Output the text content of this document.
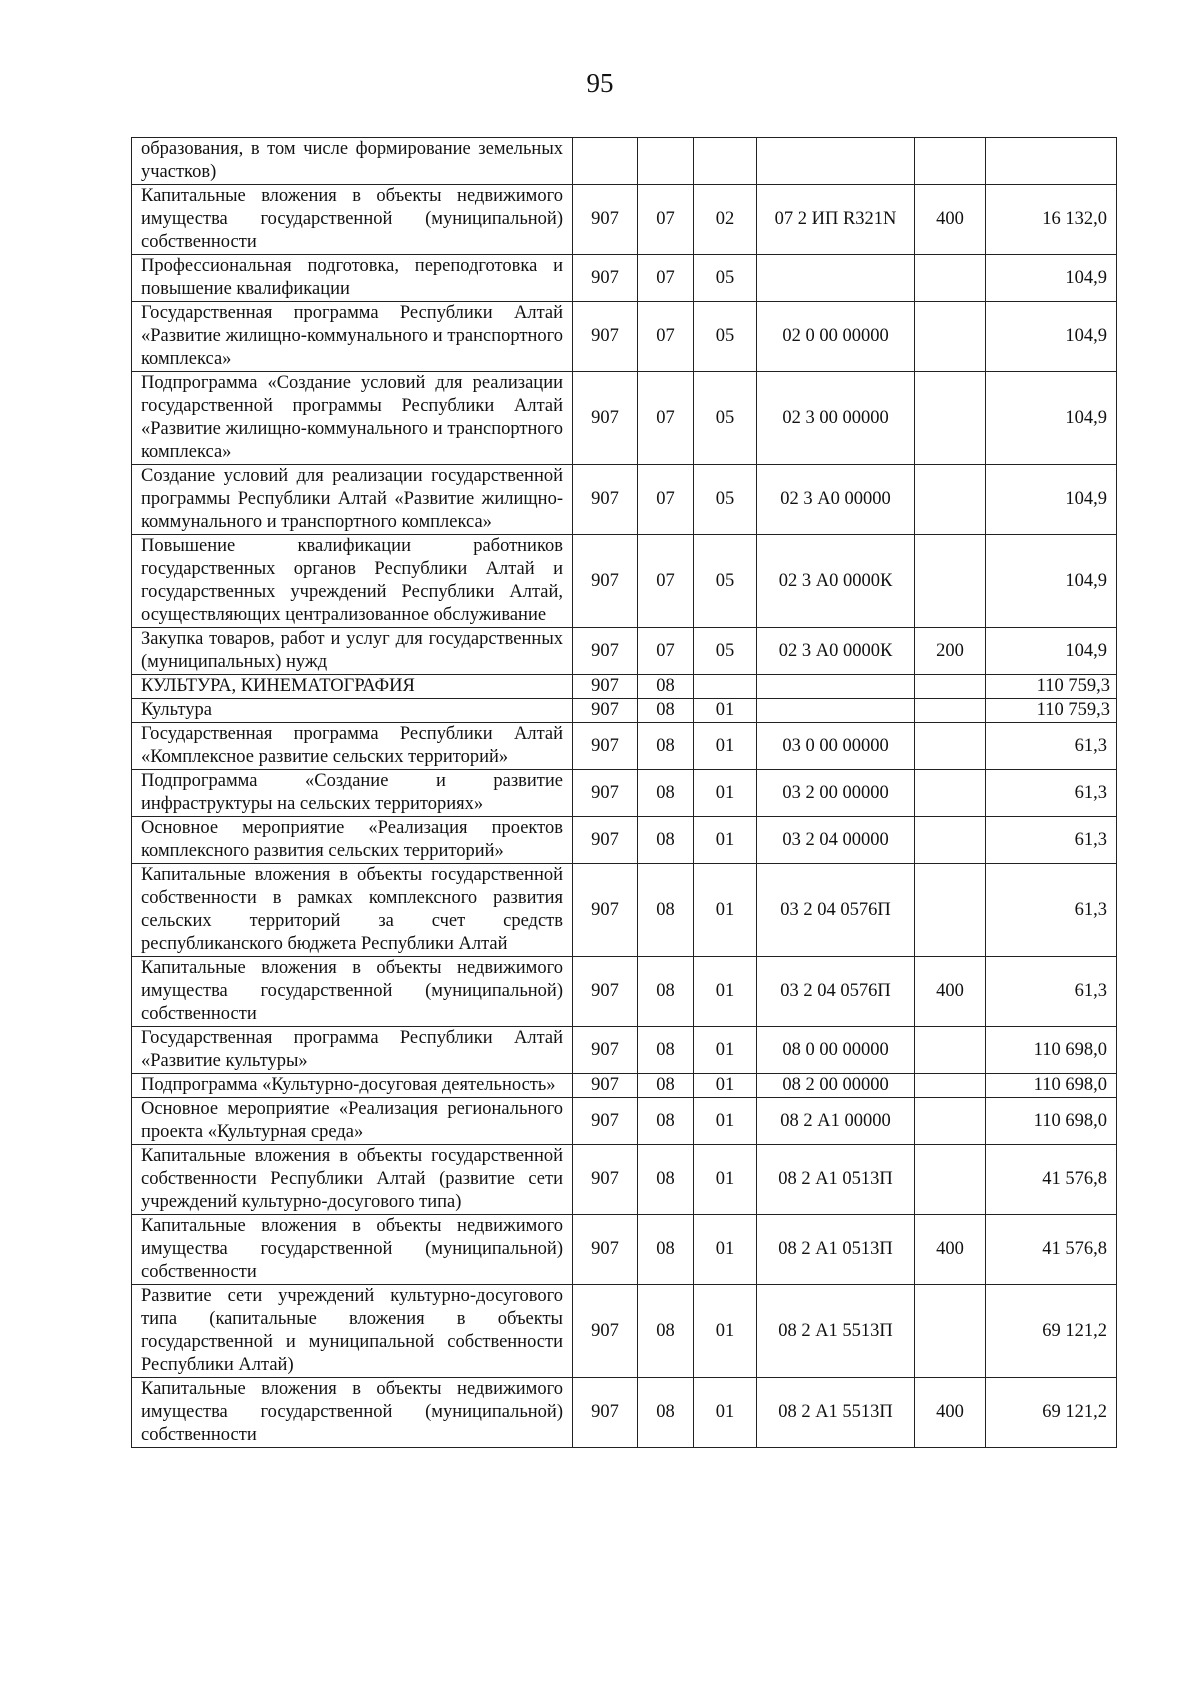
95
образования, в том числе формирование земельных участков)						
Капитальные вложения в объекты недвижимого имущества государственной (муниципальной) собственности	907	07	02	07 2 ИП R321N	400	16 132,0
Профессиональная подготовка, переподготовка и повышение квалификации	907	07	05			104,9
Государственная программа Республики Алтай «Развитие жилищно-коммунального и транспортного комплекса»	907	07	05	02 0 00 00000		104,9
Подпрограмма «Создание условий для реализации государственной программы Республики Алтай «Развитие жилищно-коммунального и транспортного комплекса»	907	07	05	02 3 00 00000		104,9
Создание условий для реализации государственной программы Республики Алтай «Развитие жилищно-коммунального и транспортного комплекса»	907	07	05	02 3 А0 00000		104,9
Повышение квалификации работников государственных органов Республики Алтай и государственных учреждений Республики Алтай, осуществляющих централизованное обслуживание	907	07	05	02 3 А0 0000К		104,9
Закупка товаров, работ и услуг для государственных (муниципальных) нужд	907	07	05	02 3 А0 0000К	200	104,9
КУЛЬТУРА, КИНЕМАТОГРАФИЯ	907	08				110 759,3
Культура	907	08	01			110 759,3
Государственная программа Республики Алтай «Комплексное развитие сельских территорий»	907	08	01	03 0 00 00000		61,3
Подпрограмма «Создание и развитие инфраструктуры на сельских территориях»	907	08	01	03 2 00 00000		61,3
Основное мероприятие «Реализация проектов комплексного развития сельских территорий»	907	08	01	03 2 04 00000		61,3
Капитальные вложения в объекты государственной собственности в рамках комплексного развития сельских территорий за счет средств республиканского бюджета Республики Алтай	907	08	01	03 2 04 0576П		61,3
Капитальные вложения в объекты недвижимого имущества государственной (муниципальной) собственности	907	08	01	03 2 04 0576П	400	61,3
Государственная программа Республики Алтай «Развитие культуры»	907	08	01	08 0 00 00000		110 698,0
Подпрограмма «Культурно-досуговая деятельность»	907	08	01	08 2 00 00000		110 698,0
Основное мероприятие «Реализация регионального проекта «Культурная среда»	907	08	01	08 2 А1 00000		110 698,0
Капитальные вложения в объекты государственной собственности Республики Алтай (развитие сети учреждений культурно-досугового типа)	907	08	01	08 2 А1 0513П		41 576,8
Капитальные вложения в объекты недвижимого имущества государственной (муниципальной) собственности	907	08	01	08 2 А1 0513П	400	41 576,8
Развитие сети учреждений культурно-досугового типа (капитальные вложения в объекты государственной и муниципальной собственности Республики Алтай)	907	08	01	08 2 А1 5513П		69 121,2
Капитальные вложения в объекты недвижимого имущества государственной (муниципальной) собственности	907	08	01	08 2 А1 5513П	400	69 121,2
